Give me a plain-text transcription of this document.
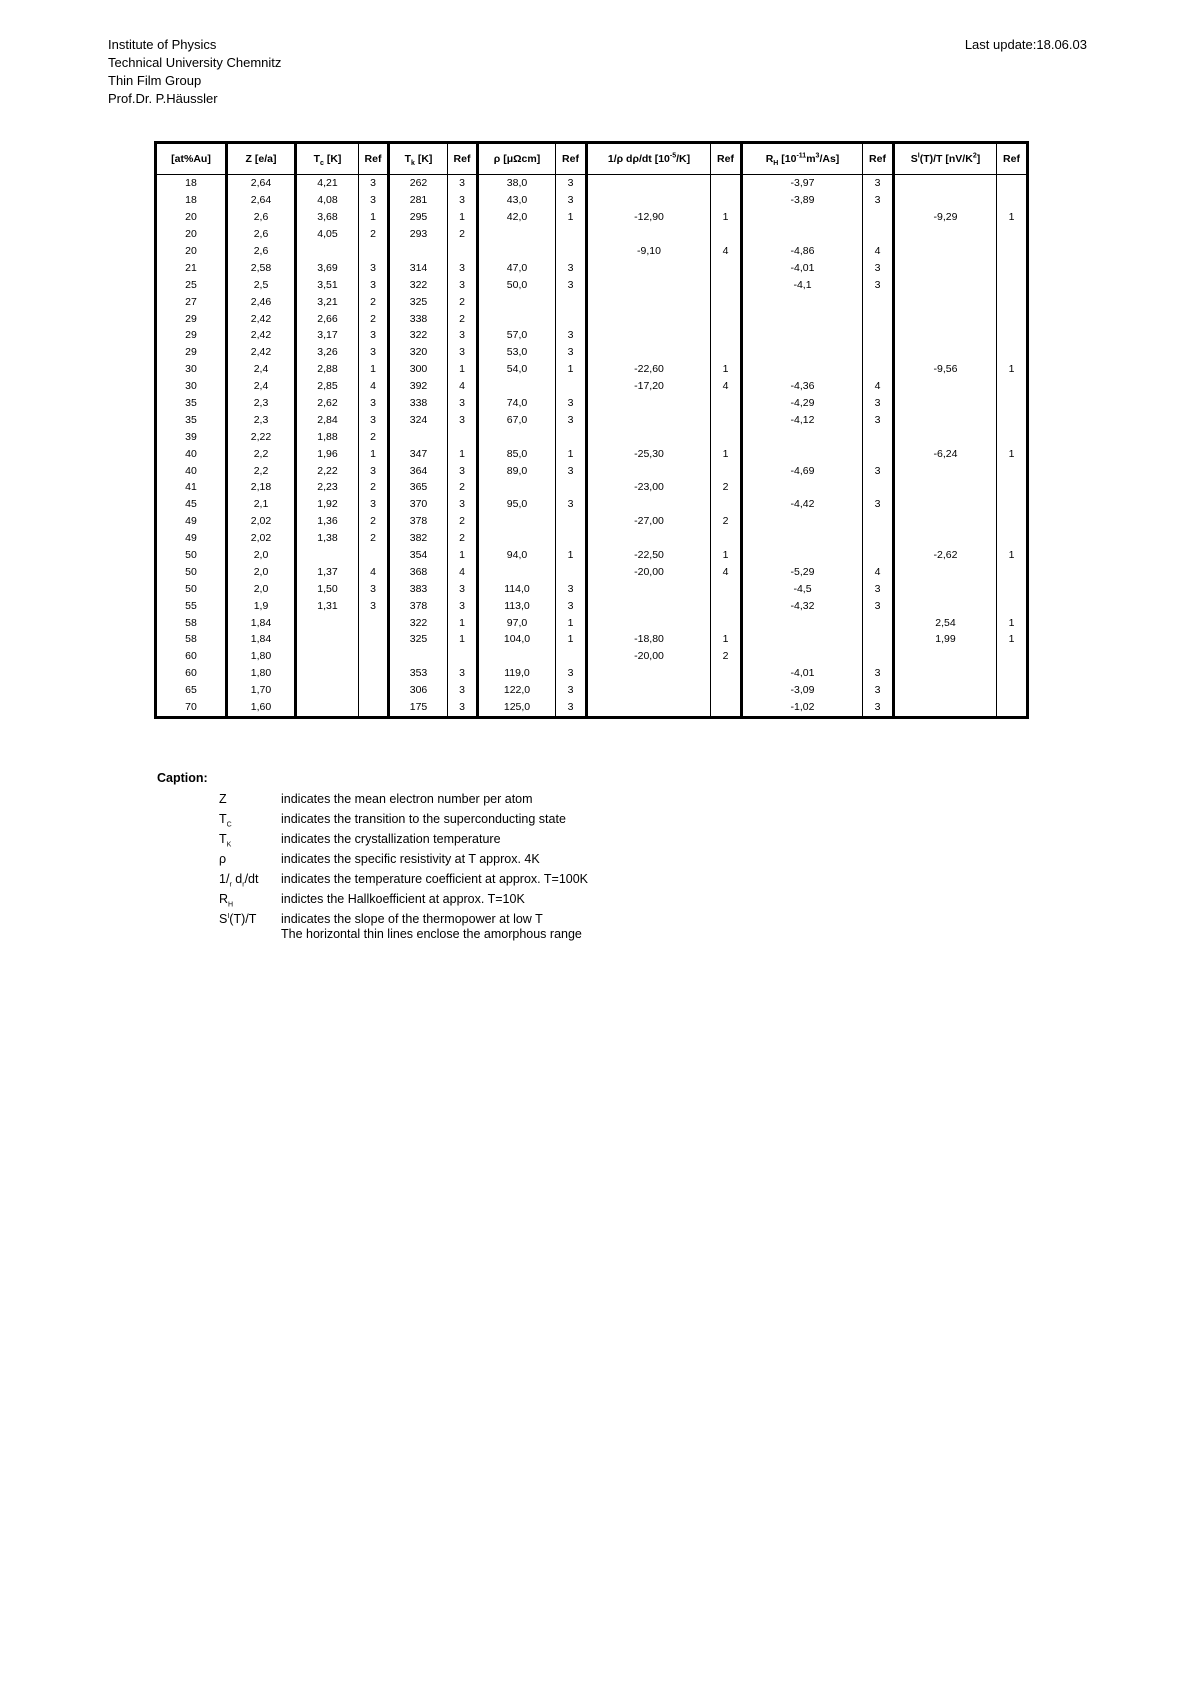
Institute of Physics
Technical University Chemnitz
Thin Film Group
Prof.Dr. P.Häussler
Last update:18.06.03
[at%Au]	Z [e/a]	$T_c$ [K]	Ref	$T_k$ [K]	Ref	ρ [μΩcm]	Ref	1/ρ dρ/dt $[10^{-5}/K]$	Ref	$R_H$ $[10^{-11}m^3/As]$	Ref	$S^I(T)/T$ $[nV/K^2]$	Ref
18	2,64	4,21	3	262	3	38,0	3			-3,97	3		
18	2,64	4,08	3	281	3	43,0	3			-3,89	3		
20	2,6	3,68	1	295	1	42,0	1	-12,90	1			-9,29	1
20	2,6	4,05	2	293	2								
20	2,6							-9,10	4	-4,86	4		
21	2,58	3,69	3	314	3	47,0	3			-4,01	3		
25	2,5	3,51	3	322	3	50,0	3			-4,1	3		
27	2,46	3,21	2	325	2								
29	2,42	2,66	2	338	2								
29	2,42	3,17	3	322	3	57,0	3						
29	2,42	3,26	3	320	3	53,0	3						
30	2,4	2,88	1	300	1	54,0	1	-22,60	1			-9,56	1
30	2,4	2,85	4	392	4			-17,20	4	-4,36	4		
35	2,3	2,62	3	338	3	74,0	3			-4,29	3		
35	2,3	2,84	3	324	3	67,0	3			-4,12	3		
39	2,22	1,88	2										
40	2,2	1,96	1	347	1	85,0	1	-25,30	1			-6,24	1
40	2,2	2,22	3	364	3	89,0	3			-4,69	3		
41	2,18	2,23	2	365	2			-23,00	2				
45	2,1	1,92	3	370	3	95,0	3			-4,42	3		
49	2,02	1,36	2	378	2			-27,00	2				
49	2,02	1,38	2	382	2								
50	2,0			354	1	94,0	1	-22,50	1			-2,62	1
50	2,0	1,37	4	368	4			-20,00	4	-5,29	4		
50	2,0	1,50	3	383	3	114,0	3			-4,5	3		
55	1,9	1,31	3	378	3	113,0	3			-4,32	3		
58	1,84			322	1	97,0	1					2,54	1
58	1,84			325	1	104,0	1	-18,80	1			1,99	1
60	1,80							-20,00	2				
60	1,80			353	3	119,0	3			-4,01	3		
65	1,70			306	3	122,0	3			-3,09	3		
70	1,60			175	3	125,0	3			-1,02	3		
Caption:
Z	indicates the mean electron number per atom
$T_C$	indicates the transition to the superconducting state
$T_K$	indicates the crystallization temperature
ρ	indicates the specific resistivity at T approx. 4K
$1/_r$ $d_r/dt$	indicates the temperature coefficient at approx. T=100K
$R_H$	indictes the Hallkoefficient at approx. T=10K
$S^I(T)/T$	indicates the slope of the thermopower at low T
The horizontal thin lines enclose the amorphous range
